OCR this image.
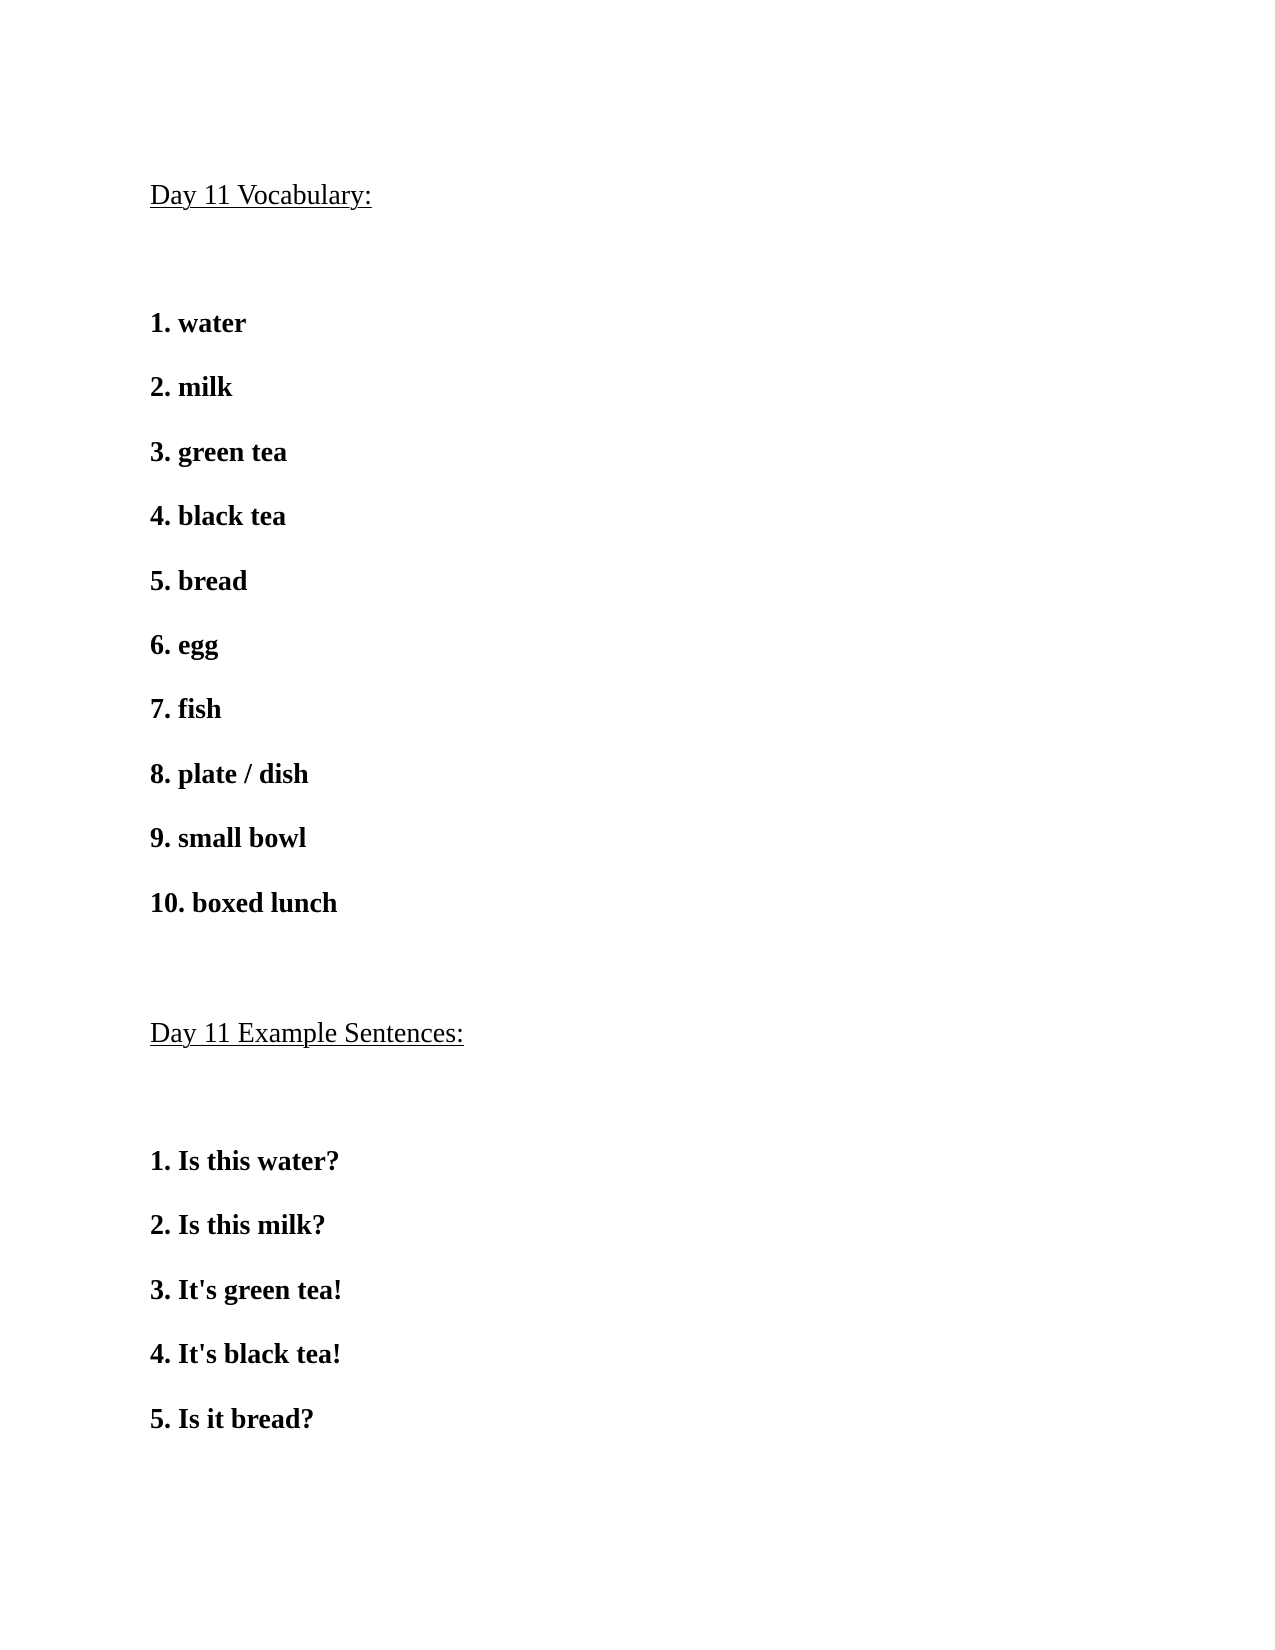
Day 11 Vocabulary:
1. water
2. milk
3. green tea
4. black tea
5. bread
6. egg
7. fish
8. plate / dish
9. small bowl
10. boxed lunch
Day 11 Example Sentences:
1. Is this water?
2. Is this milk?
3. It's green tea!
4. It's black tea!
5. Is it bread?
